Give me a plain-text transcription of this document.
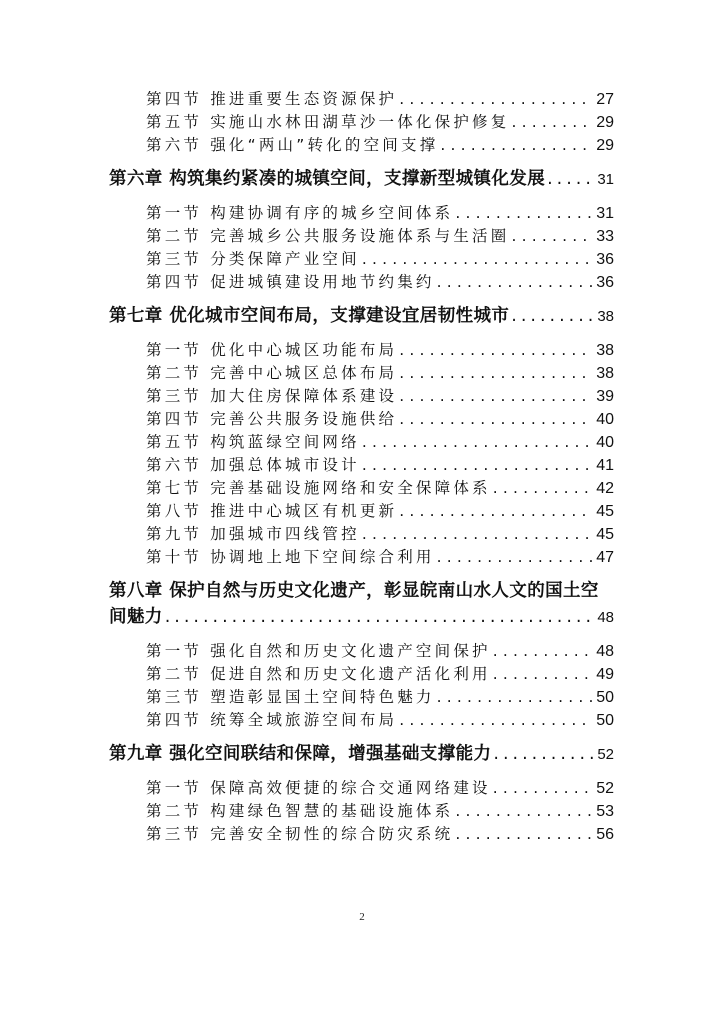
第四节 推进重要生态资源保护 .....	27
第五节 实施山水林田湖草沙一体化保护修复 .....	29
第六节 强化“两山”转化的空间支撑 .....	29
第六章 构筑集约紧凑的城镇空间，支撑新型城镇化发展 .....	31
第一节 构建协调有序的城乡空间体系 .....	31
第二节 完善城乡公共服务设施体系与生活圈 .....	33
第三节 分类保障产业空间 .....	36
第四节 促进城镇建设用地节约集约 .....	36
第七章 优化城市空间布局，支撑建设宜居韧性城市 .....	38
第一节 优化中心城区功能布局 .....	38
第二节 完善中心城区总体布局 .....	38
第三节 加大住房保障体系建设 .....	39
第四节 完善公共服务设施供给 .....	40
第五节 构筑蓝绿空间网络 .....	40
第六节 加强总体城市设计 .....	41
第七节 完善基础设施网络和安全保障体系 .....	42
第八节 推进中心城区有机更新 .....	45
第九节 加强城市四线管控 .....	45
第十节 协调地上地下空间综合利用 .....	47
第八章 保护自然与历史文化遗产，彰显皖南山水人文的国土空
间魅力 .....	48
第一节 强化自然和历史文化遗产空间保护 .....	48
第二节 促进自然和历史文化遗产活化利用 .....	49
第三节 塑造彰显国土空间特色魅力 .....	50
第四节 统筹全域旅游空间布局 .....	50
第九章 强化空间联结和保障，增强基础支撑能力 .....	52
第一节 保障高效便捷的综合交通网络建设 .....	52
第二节 构建绿色智慧的基础设施体系 .....	53
第三节 完善安全韧性的综合防灾系统 .....	56
2
